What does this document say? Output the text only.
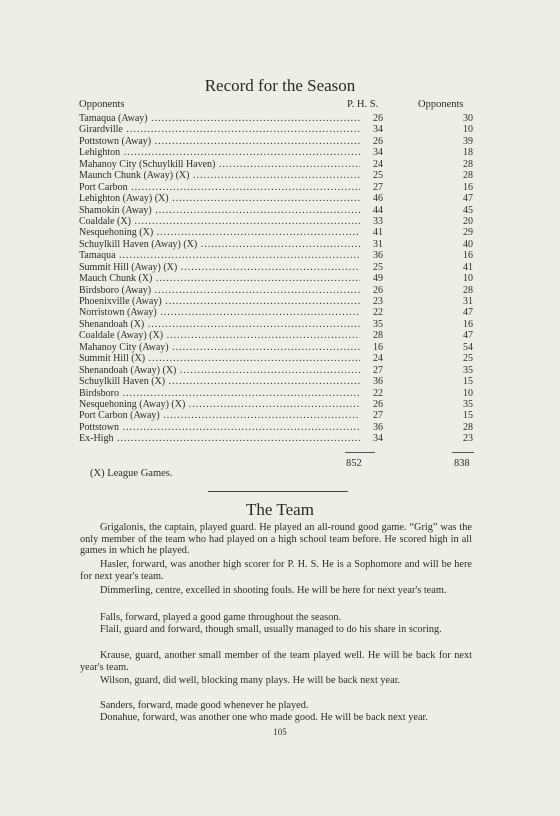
Record for the Season
Opponents	P. H. S.	Opponents
Tamaqua (Away) .....	26	30
Girardville .....	34	10
Pottstown (Away) .....	26	39
Lehighton .....	34	18
Mahanoy City (Schuylkill Haven) .....	24	28
Maunch Chunk (Away) (X) .....	25	28
Port Carbon .....	27	16
Lehighton (Away) (X) .....	46	47
Shamokin (Away) .....	44	45
Coaldale (X) .....	33	20
Nesquehoning (X) .....	41	29
Schuylkill Haven (Away) (X) .....	31	40
Tamaqua .....	36	16
Summit Hill (Away) (X) .....	25	41
Mauch Chunk (X) .....	49	10
Birdsboro (Away) .....	26	28
Phoenixville (Away) .....	23	31
Norristown (Away) .....	22	47
Shenandoah (X) .....	35	16
Coaldale (Away) (X) .....	28	47
Mahanoy City (Away) .....	16	54
Summit Hill (X) .....	24	25
Shenandoah (Away) (X) .....	27	35
Schuylkill Haven (X) .....	36	15
Birdsboro .....	22	10
Nesquehoning (Away) (X) .....	26	35
Port Carbon (Away) .....	27	15
Pottstown .....	36	28
Ex-High .....	34	23
852	838
(X) League Games.
The Team

Grigalonis, the captain, played guard. He played an all-round good game. “Grig” was the only member of the team who had played on a high school team before. He scored high in all games in which he played.

Hasler, forward, was another high scorer for P. H. S. He is a Sophomore and will be here for next year's team.

Dimmerling, centre, excelled in shooting fouls. He will be here for next year's team.

Falls, forward, played a good game throughout the season.

Flail, guard and forward, though small, usually managed to do his share in scoring.

Krause, guard, another small member of the team played well. He will be back for next year's team.

Wilson, guard, did well, blocking many plays. He will be back next year.

Sanders, forward, made good whenever he played.

Donahue, forward, was another one who made good. He will be back next year.

105
